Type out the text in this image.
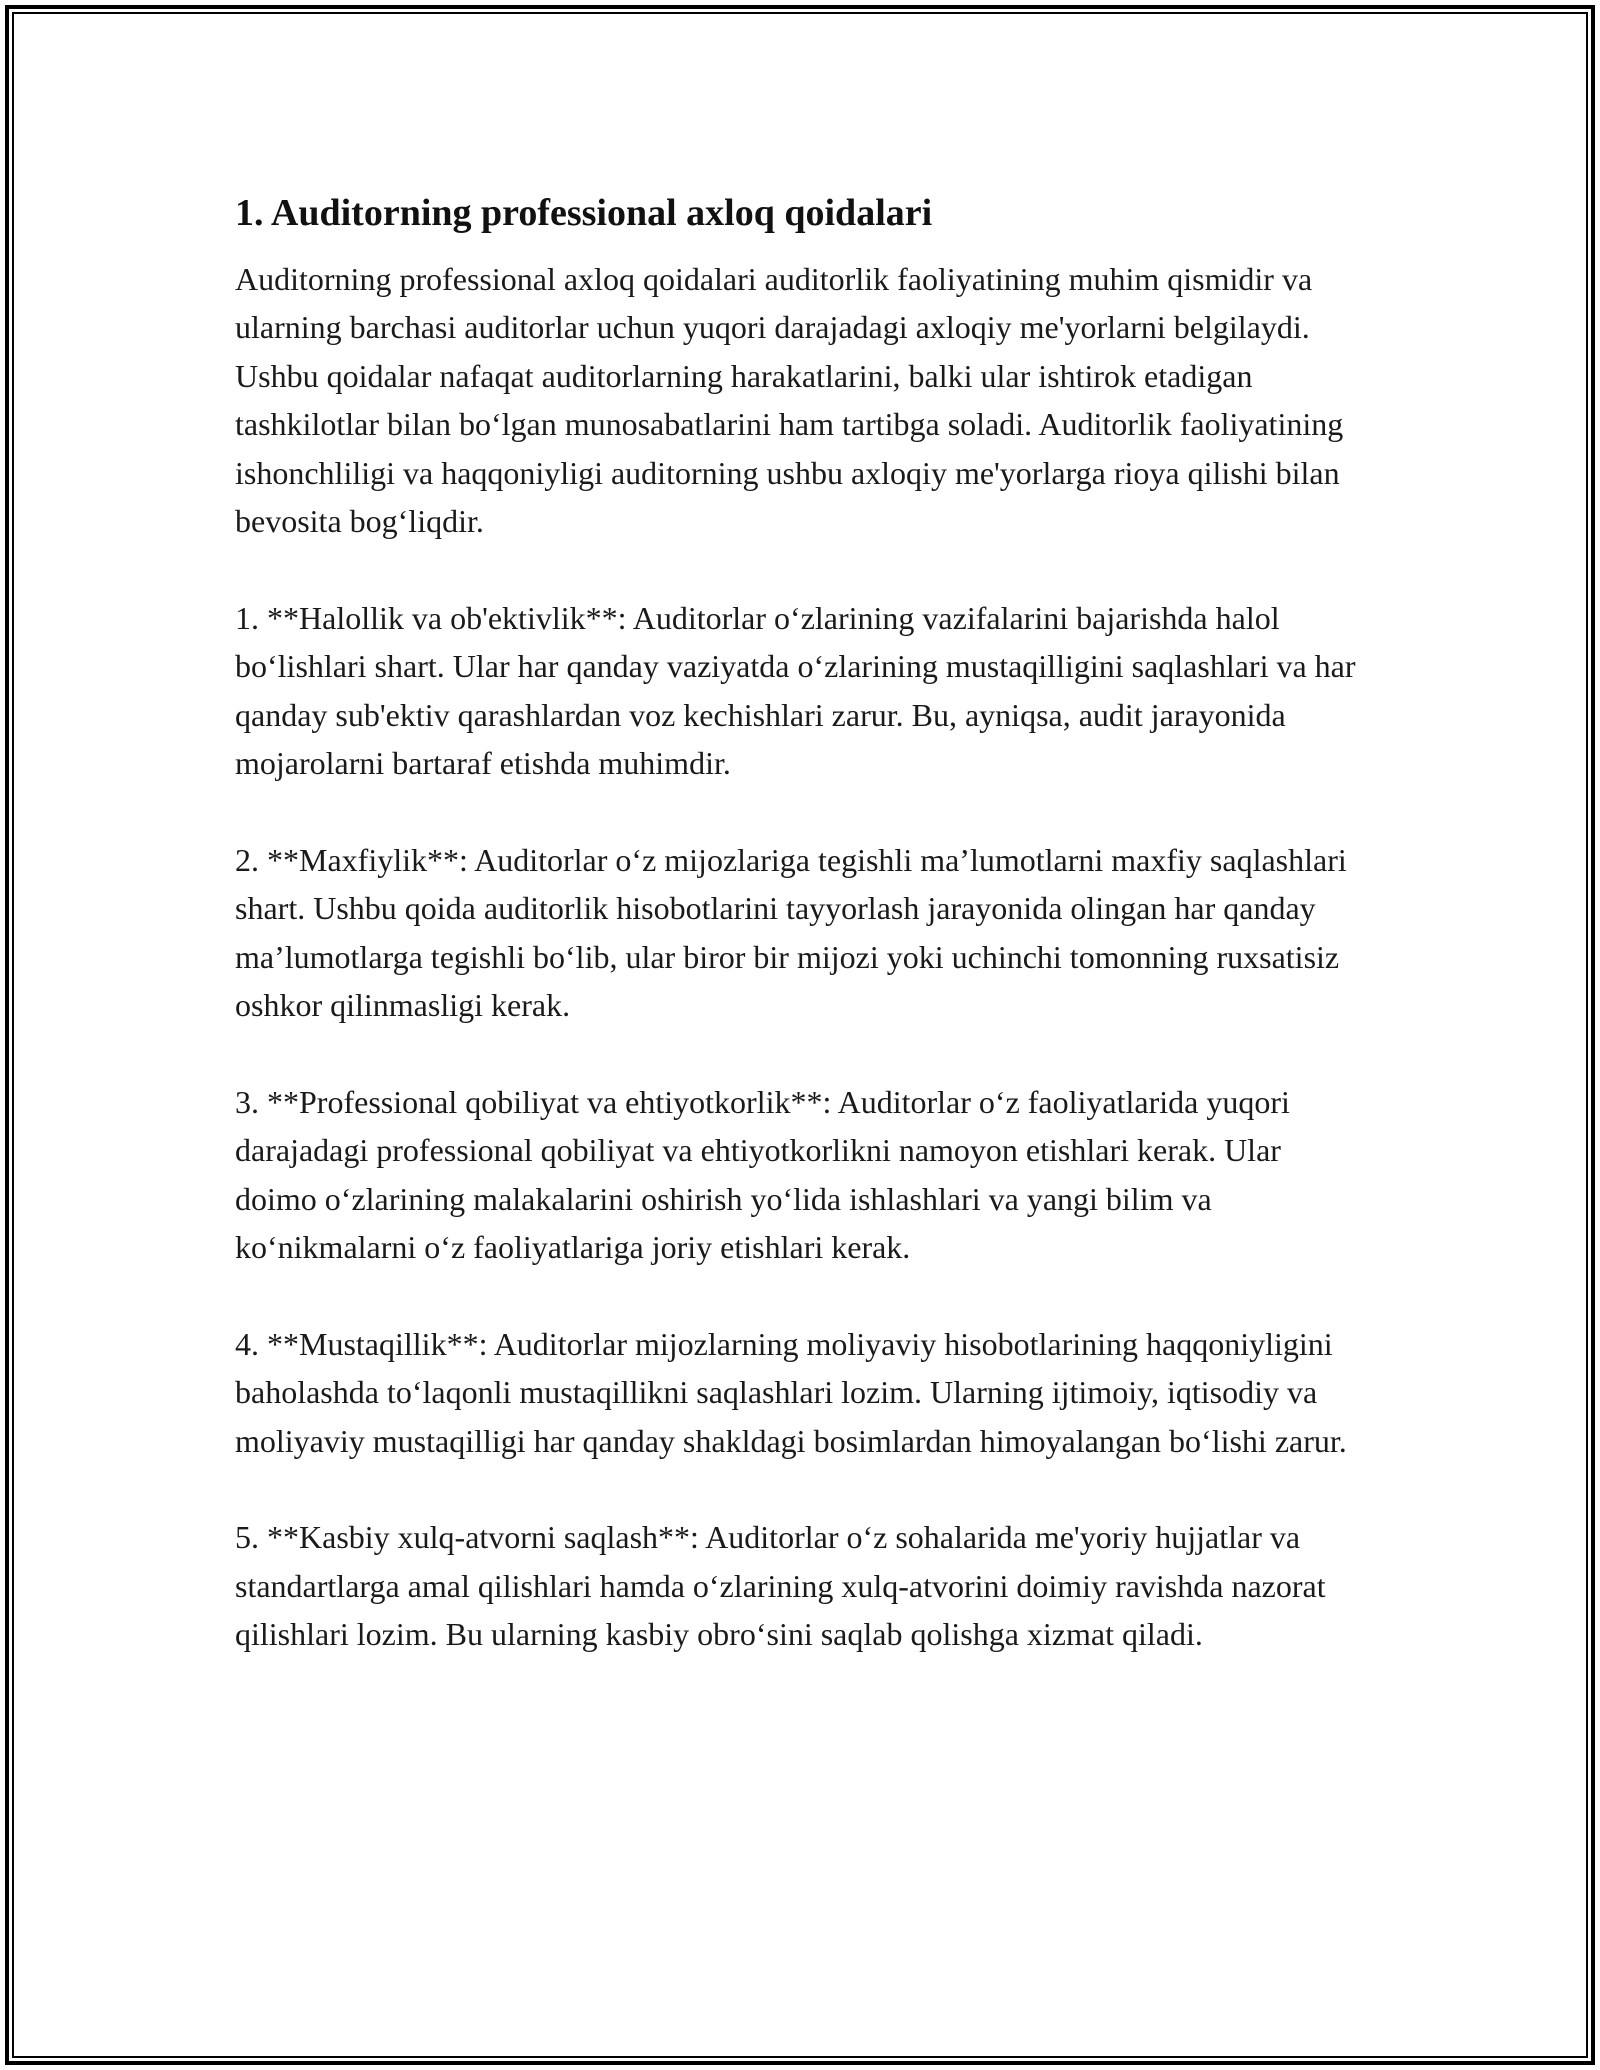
1. Auditorning professional axloq qoidalari

Auditorning professional axloq qoidalari auditorlik faoliyatining muhim qismidir va ularning barchasi auditorlar uchun yuqori darajadagi axloqiy me'yorlarni belgilaydi. Ushbu qoidalar nafaqat auditorlarning harakatlarini, balki ular ishtirok etadigan tashkilotlar bilan boʻlgan munosabatlarini ham tartibga soladi. Auditorlik faoliyatining ishonchliligi va haqqoniyligi auditorning ushbu axloqiy me'yorlarga rioya qilishi bilan bevosita bogʻliqdir.

1. **Halollik va ob'ektivlik**: Auditorlar oʻzlarining vazifalarini bajarishda halol boʻlishlari shart. Ular har qanday vaziyatda oʻzlarining mustaqilligini saqlashlari va har qanday sub'ektiv qarashlardan voz kechishlari zarur. Bu, ayniqsa, audit jarayonida mojarolarni bartaraf etishda muhimdir.

2. **Maxfiylik**: Auditorlar oʻz mijozlariga tegishli ma’lumotlarni maxfiy saqlashlari shart. Ushbu qoida auditorlik hisobotlarini tayyorlash jarayonida olingan har qanday ma’lumotlarga tegishli boʻlib, ular biror bir mijozi yoki uchinchi tomonning ruxsatisiz oshkor qilinmasligi kerak.

3. **Professional qobiliyat va ehtiyotkorlik**: Auditorlar oʻz faoliyatlarida yuqori darajadagi professional qobiliyat va ehtiyotkorlikni namoyon etishlari kerak. Ular doimo oʻzlarining malakalarini oshirish yoʻlida ishlashlari va yangi bilim va koʻnikmalarni oʻz faoliyatlariga joriy etishlari kerak.

4. **Mustaqillik**: Auditorlar mijozlarning moliyaviy hisobotlarining haqqoniyligini baholashda toʻlaqonli mustaqillikni saqlashlari lozim. Ularning ijtimoiy, iqtisodiy va moliyaviy mustaqilligi har qanday shakldagi bosimlardan himoyalangan boʻlishi zarur.

5. **Kasbiy xulq-atvorni saqlash**: Auditorlar oʻz sohalarida me'yoriy hujjatlar va standartlarga amal qilishlari hamda oʻzlarining xulq-atvorini doimiy ravishda nazorat qilishlari lozim. Bu ularning kasbiy obroʻsini saqlab qolishga xizmat qiladi.
